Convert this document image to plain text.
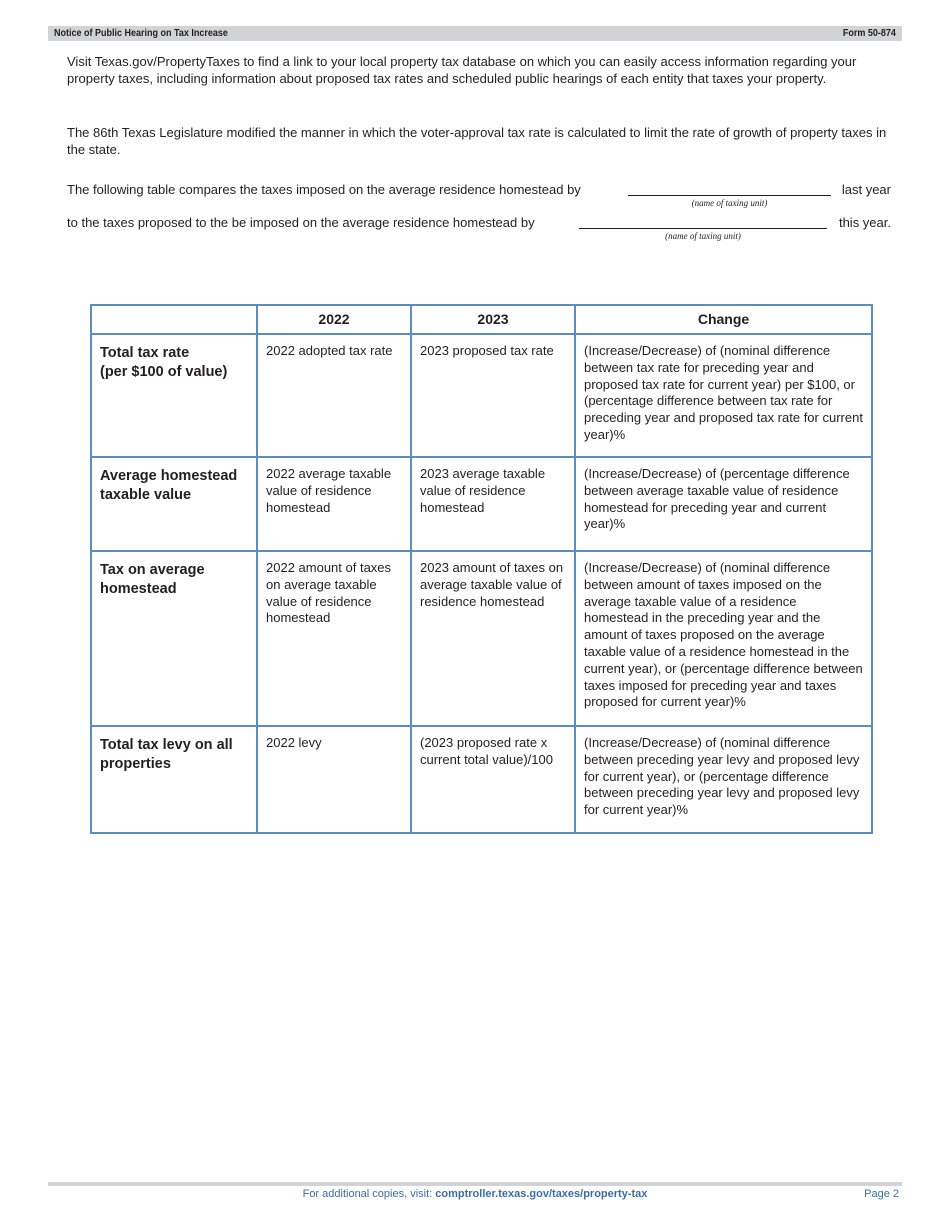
Notice of Public Hearing on Tax Increase	Form 50-874

Visit Texas.gov/PropertyTaxes to find a link to your local property tax database on which you can easily access information regarding your property taxes, including information about proposed tax rates and scheduled public hearings of each entity that taxes your property.

The 86th Texas Legislature modified the manner in which the voter-approval tax rate is calculated to limit the rate of growth of property taxes in the state.

The following table compares the taxes imposed on the average residence homestead by
(name of taxing unit)
last year
to the taxes proposed to the be imposed on the average residence homestead by
(name of taxing unit)
this year.
	2022	2023	Change
Total tax rate
(per $100 of value)	2022 adopted tax rate	2023 proposed tax rate	(Increase/Decrease) of (nominal difference between tax rate for preceding year and proposed tax rate for current year) per $100, or (percentage difference between tax rate for preceding year and proposed tax rate for current year)%
Average homestead taxable value	2022 average taxable value of residence homestead	2023 average taxable value of residence homestead	(Increase/Decrease) of (percentage difference between average taxable value of residence homestead for preceding year and current year)%
Tax on average homestead	2022 amount of taxes on average taxable value of residence homestead	2023 amount of taxes on average taxable value of residence homestead	(Increase/Decrease) of (nominal difference between amount of taxes imposed on the average taxable value of a residence homestead in the preceding year and the amount of taxes proposed on the average taxable value of a residence homestead in the current year), or (percentage difference between taxes imposed for preceding year and taxes proposed for current year)%
Total tax levy on all properties	2022 levy	(2023 proposed rate x current total value)/100	(Increase/Decrease) of (nominal difference between preceding year levy and proposed levy for current year), or (percentage difference between preceding year levy and proposed levy for current year)%
For additional copies, visit: comptroller.texas.gov/taxes/property-tax	Page 2
